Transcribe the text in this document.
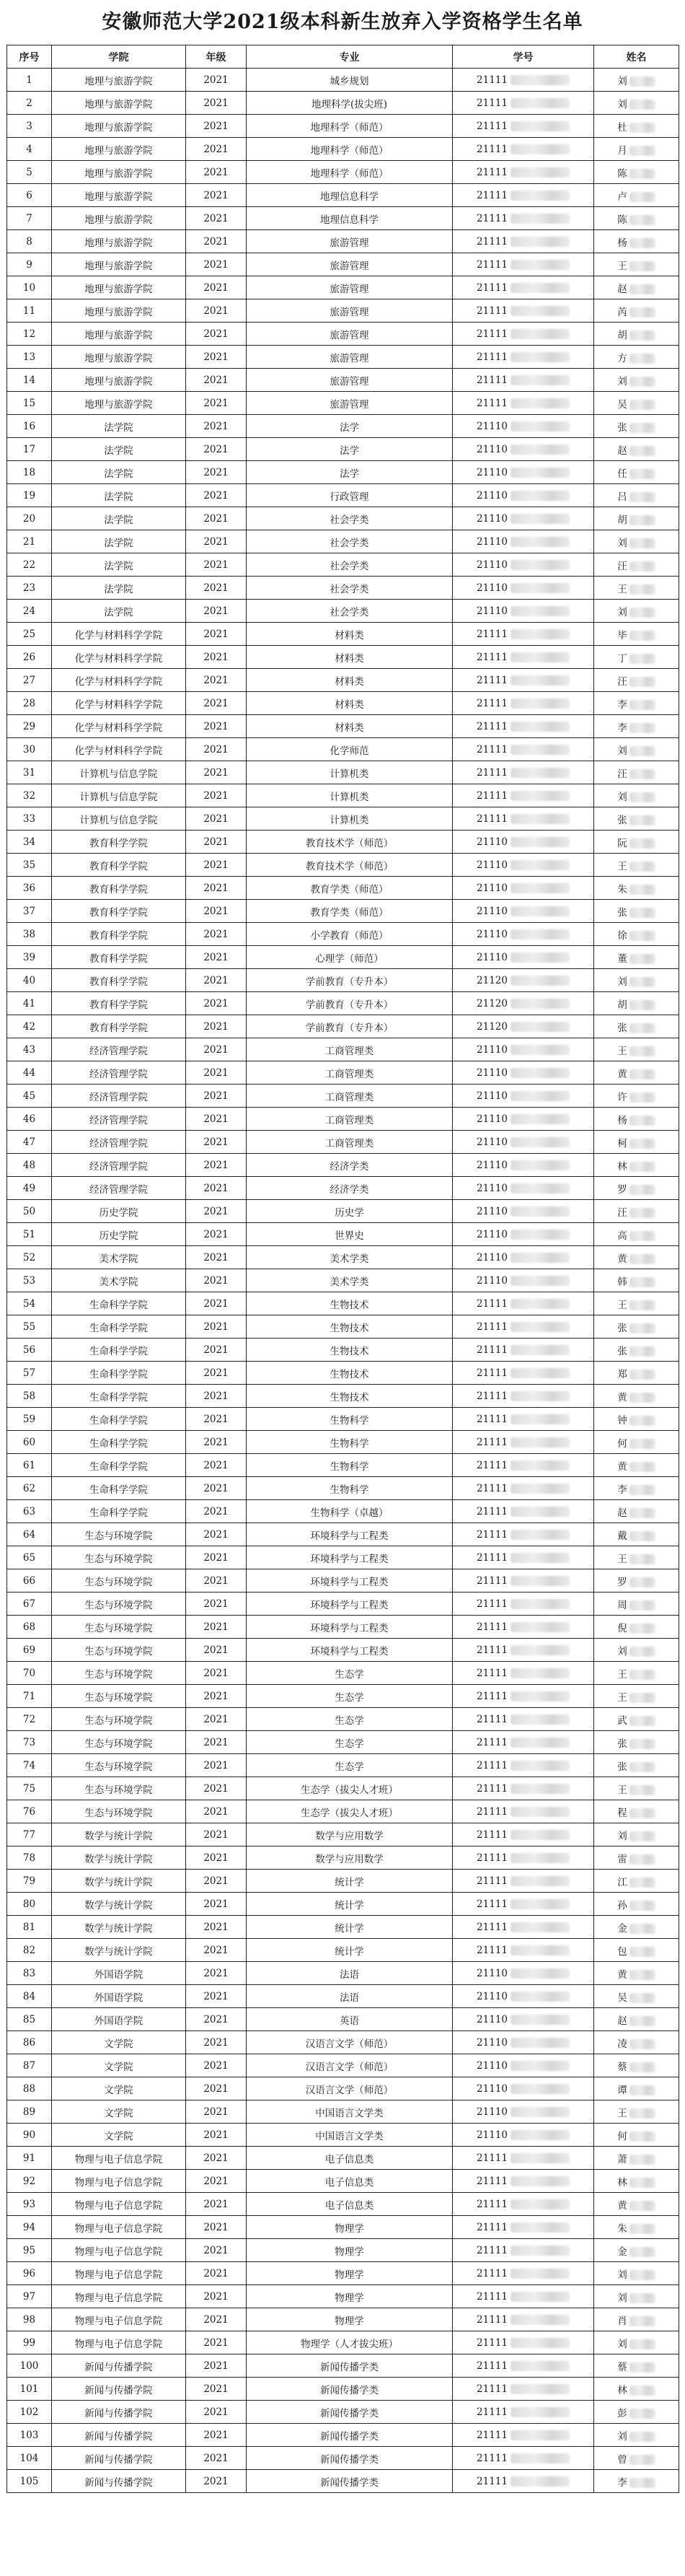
安徽师范大学2021级本科新生放弃入学资格学生名单
序号	学院	年级	专业	学号	姓名
1	地理与旅游学院	2021	城乡规划	21111	刘
2	地理与旅游学院	2021	地理科学(拔尖班)	21111	刘
3	地理与旅游学院	2021	地理科学（师范）	21111	杜
4	地理与旅游学院	2021	地理科学（师范）	21111	月
5	地理与旅游学院	2021	地理科学（师范）	21111	陈
6	地理与旅游学院	2021	地理信息科学	21111	卢
7	地理与旅游学院	2021	地理信息科学	21111	陈
8	地理与旅游学院	2021	旅游管理	21111	杨
9	地理与旅游学院	2021	旅游管理	21111	王
10	地理与旅游学院	2021	旅游管理	21111	赵
11	地理与旅游学院	2021	旅游管理	21111	芮
12	地理与旅游学院	2021	旅游管理	21111	胡
13	地理与旅游学院	2021	旅游管理	21111	方
14	地理与旅游学院	2021	旅游管理	21111	刘
15	地理与旅游学院	2021	旅游管理	21111	吴
16	法学院	2021	法学	21110	张
17	法学院	2021	法学	21110	赵
18	法学院	2021	法学	21110	任
19	法学院	2021	行政管理	21110	吕
20	法学院	2021	社会学类	21110	胡
21	法学院	2021	社会学类	21110	刘
22	法学院	2021	社会学类	21110	汪
23	法学院	2021	社会学类	21110	王
24	法学院	2021	社会学类	21110	刘
25	化学与材料科学学院	2021	材料类	21111	毕
26	化学与材料科学学院	2021	材料类	21111	丁
27	化学与材料科学学院	2021	材料类	21111	汪
28	化学与材料科学学院	2021	材料类	21111	李
29	化学与材料科学学院	2021	材料类	21111	李
30	化学与材料科学学院	2021	化学师范	21111	刘
31	计算机与信息学院	2021	计算机类	21111	汪
32	计算机与信息学院	2021	计算机类	21111	刘
33	计算机与信息学院	2021	计算机类	21111	张
34	教育科学学院	2021	教育技术学（师范）	21110	阮
35	教育科学学院	2021	教育技术学（师范）	21110	王
36	教育科学学院	2021	教育学类（师范）	21110	朱
37	教育科学学院	2021	教育学类（师范）	21110	张
38	教育科学学院	2021	小学教育（师范）	21110	徐
39	教育科学学院	2021	心理学（师范）	21110	董
40	教育科学学院	2021	学前教育（专升本）	21120	刘
41	教育科学学院	2021	学前教育（专升本）	21120	胡
42	教育科学学院	2021	学前教育（专升本）	21120	张
43	经济管理学院	2021	工商管理类	21110	王
44	经济管理学院	2021	工商管理类	21110	黄
45	经济管理学院	2021	工商管理类	21110	许
46	经济管理学院	2021	工商管理类	21110	杨
47	经济管理学院	2021	工商管理类	21110	柯
48	经济管理学院	2021	经济学类	21110	林
49	经济管理学院	2021	经济学类	21110	罗
50	历史学院	2021	历史学	21110	汪
51	历史学院	2021	世界史	21110	高
52	美术学院	2021	美术学类	21110	黄
53	美术学院	2021	美术学类	21110	韩
54	生命科学学院	2021	生物技术	21111	王
55	生命科学学院	2021	生物技术	21111	张
56	生命科学学院	2021	生物技术	21111	张
57	生命科学学院	2021	生物技术	21111	郑
58	生命科学学院	2021	生物技术	21111	黄
59	生命科学学院	2021	生物科学	21111	钟
60	生命科学学院	2021	生物科学	21111	何
61	生命科学学院	2021	生物科学	21111	黄
62	生命科学学院	2021	生物科学	21111	李
63	生命科学学院	2021	生物科学（卓越）	21111	赵
64	生态与环境学院	2021	环境科学与工程类	21111	戴
65	生态与环境学院	2021	环境科学与工程类	21111	王
66	生态与环境学院	2021	环境科学与工程类	21111	罗
67	生态与环境学院	2021	环境科学与工程类	21111	周
68	生态与环境学院	2021	环境科学与工程类	21111	倪
69	生态与环境学院	2021	环境科学与工程类	21111	刘
70	生态与环境学院	2021	生态学	21111	王
71	生态与环境学院	2021	生态学	21111	王
72	生态与环境学院	2021	生态学	21111	武
73	生态与环境学院	2021	生态学	21111	张
74	生态与环境学院	2021	生态学	21111	张
75	生态与环境学院	2021	生态学（拔尖人才班）	21111	王
76	生态与环境学院	2021	生态学（拔尖人才班）	21111	程
77	数学与统计学院	2021	数学与应用数学	21111	刘
78	数学与统计学院	2021	数学与应用数学	21111	雷
79	数学与统计学院	2021	统计学	21111	江
80	数学与统计学院	2021	统计学	21111	孙
81	数学与统计学院	2021	统计学	21111	金
82	数学与统计学院	2021	统计学	21111	包
83	外国语学院	2021	法语	21110	黄
84	外国语学院	2021	法语	21110	吴
85	外国语学院	2021	英语	21110	赵
86	文学院	2021	汉语言文学（师范）	21110	凌
87	文学院	2021	汉语言文学（师范）	21110	蔡
88	文学院	2021	汉语言文学（师范）	21110	谭
89	文学院	2021	中国语言文学类	21110	王
90	文学院	2021	中国语言文学类	21110	何
91	物理与电子信息学院	2021	电子信息类	21111	萧
92	物理与电子信息学院	2021	电子信息类	21111	林
93	物理与电子信息学院	2021	电子信息类	21111	黄
94	物理与电子信息学院	2021	物理学	21111	朱
95	物理与电子信息学院	2021	物理学	21111	金
96	物理与电子信息学院	2021	物理学	21111	刘
97	物理与电子信息学院	2021	物理学	21111	刘
98	物理与电子信息学院	2021	物理学	21111	肖
99	物理与电子信息学院	2021	物理学（人才拔尖班）	21111	刘
100	新闻与传播学院	2021	新闻传播学类	21111	蔡
101	新闻与传播学院	2021	新闻传播学类	21111	林
102	新闻与传播学院	2021	新闻传播学类	21111	彭
103	新闻与传播学院	2021	新闻传播学类	21111	刘
104	新闻与传播学院	2021	新闻传播学类	21111	曾
105	新闻与传播学院	2021	新闻传播学类	21111	李
